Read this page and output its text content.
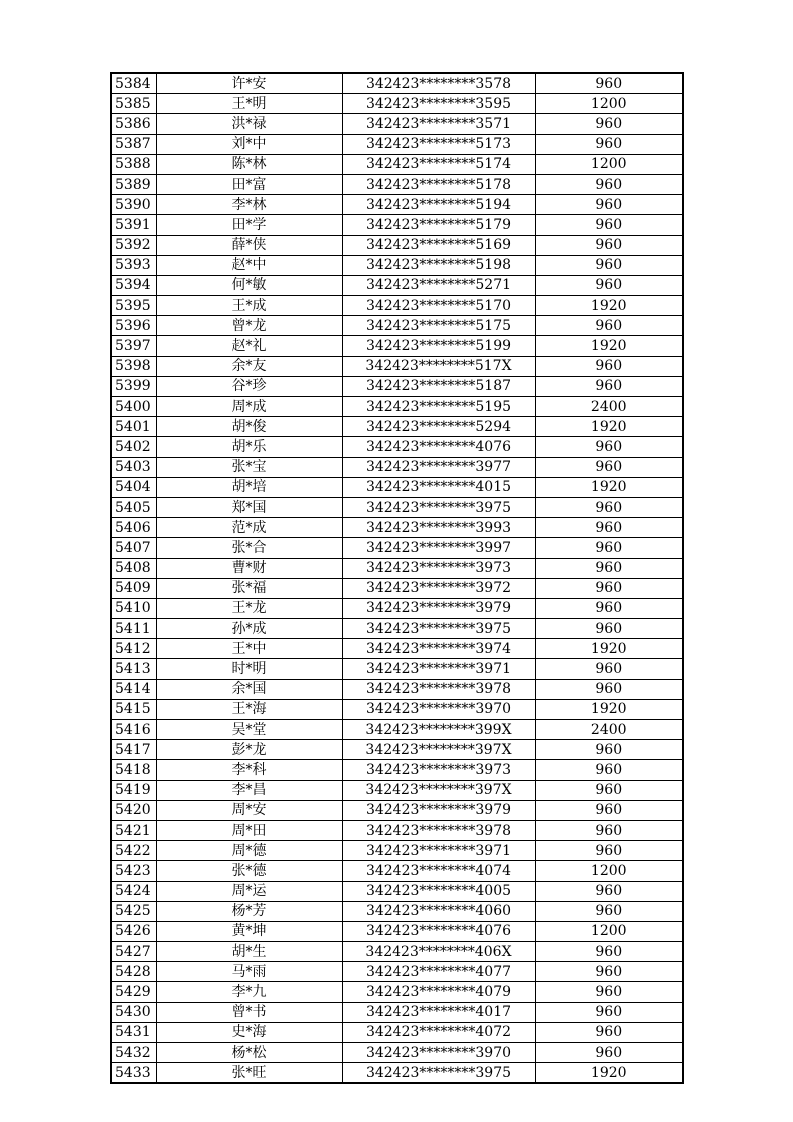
5384	许*安	342423********3578	960
5385	王*明	342423********3595	1200
5386	洪*禄	342423********3571	960
5387	刘*中	342423********5173	960
5388	陈*林	342423********5174	1200
5389	田*富	342423********5178	960
5390	李*林	342423********5194	960
5391	田*学	342423********5179	960
5392	薛*侠	342423********5169	960
5393	赵*中	342423********5198	960
5394	何*敏	342423********5271	960
5395	王*成	342423********5170	1920
5396	曾*龙	342423********5175	960
5397	赵*礼	342423********5199	1920
5398	余*友	342423********517X	960
5399	谷*珍	342423********5187	960
5400	周*成	342423********5195	2400
5401	胡*俊	342423********5294	1920
5402	胡*乐	342423********4076	960
5403	张*宝	342423********3977	960
5404	胡*培	342423********4015	1920
5405	郑*国	342423********3975	960
5406	范*成	342423********3993	960
5407	张*合	342423********3997	960
5408	曹*财	342423********3973	960
5409	张*福	342423********3972	960
5410	王*龙	342423********3979	960
5411	孙*成	342423********3975	960
5412	王*中	342423********3974	1920
5413	时*明	342423********3971	960
5414	余*国	342423********3978	960
5415	王*海	342423********3970	1920
5416	吴*堂	342423********399X	2400
5417	彭*龙	342423********397X	960
5418	李*科	342423********3973	960
5419	李*昌	342423********397X	960
5420	周*安	342423********3979	960
5421	周*田	342423********3978	960
5422	周*德	342423********3971	960
5423	张*德	342423********4074	1200
5424	周*运	342423********4005	960
5425	杨*芳	342423********4060	960
5426	黄*坤	342423********4076	1200
5427	胡*生	342423********406X	960
5428	马*雨	342423********4077	960
5429	李*九	342423********4079	960
5430	曾*书	342423********4017	960
5431	史*海	342423********4072	960
5432	杨*松	342423********3970	960
5433	张*旺	342423********3975	1920
